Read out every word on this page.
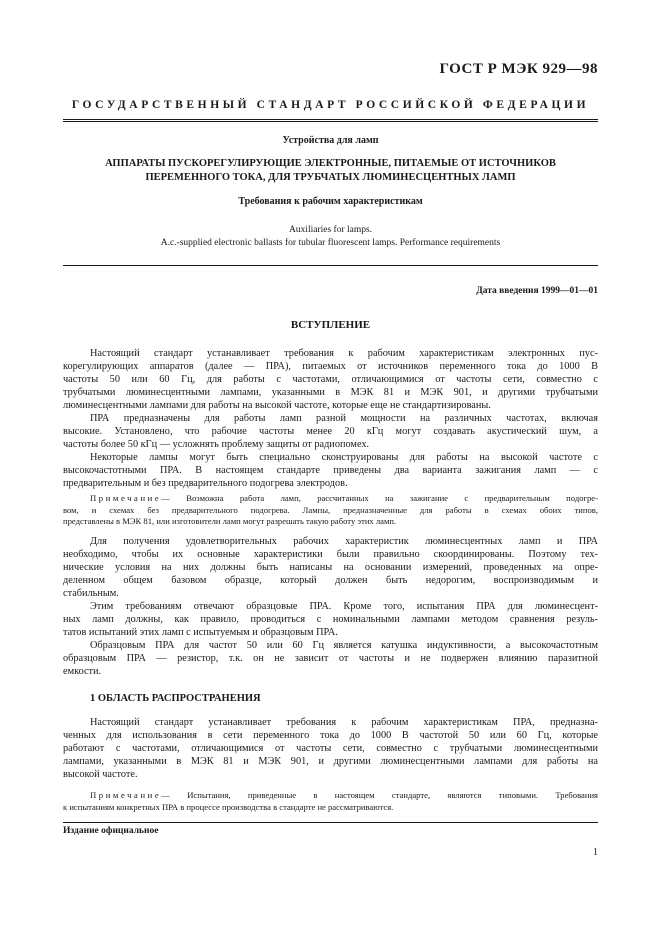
ГОСТ Р МЭК 929—98
ГОСУДАРСТВЕННЫЙ СТАНДАРТ РОССИЙСКОЙ ФЕДЕРАЦИИ
Устройства для ламп
АППАРАТЫ ПУСКОРЕГУЛИРУЮЩИЕ ЭЛЕКТРОННЫЕ, ПИТАЕМЫЕ ОТ ИСТОЧНИКОВ
ПЕРЕМЕННОГО ТОКА, ДЛЯ ТРУБЧАТЫХ ЛЮМИНЕСЦЕНТНЫХ ЛАМП
Требования к рабочим характеристикам
Auxiliaries for lamps.
A.c.-supplied electronic ballasts for tubular fluorescent lamps. Performance requirements
Дата введения 1999—01—01
ВСТУПЛЕНИЕ
Настоящий стандарт устанавливает требования к рабочим характеристикам электронных пус-
корегулирующих аппаратов (далее — ПРА), питаемых от источников переменного тока до 1000 В
частоты 50 или 60 Гц, для работы с частотами, отличающимися от частоты сети, совместно с
трубчатыми люминесцентными лампами, указанными в МЭК 81 и МЭК 901, и другими трубчатыми
люминесцентными лампами для работы на высокой частоте, которые еще не стандартизированы.
ПРА предназначены для работы ламп разной мощности на различных частотах, включая
высокие. Установлено, что рабочие частоты менее 20 кГц могут создавать акустический шум, а
частоты более 50 кГц — усложнять проблему защиты от радиопомех.
Некоторые лампы могут быть специально сконструированы для работы на высокой частоте с
высокочастотными ПРА. В настоящем стандарте приведены два варианта зажигания ламп — с
предварительным и без предварительного подогрева электродов.
Примечание— Возможна работа ламп, рассчитанных на зажигание с предварительным подогре-
вом, и схемах без предварительного подогрева. Лампы, предназначенные для работы в схемах обоих типов,
представлены в МЭК 81, или изготовители ламп могут разрешать такую работу этих ламп.
Для получения удовлетворительных рабочих характеристик люминесцентных ламп и ПРА
необходимо, чтобы их основные характеристики были правильно скоординированы. Поэтому тех-
нические условия на них должны быть написаны на основании измерений, проведенных на опре-
деленном общем базовом образце, который должен быть недорогим, воспроизводимым и
стабильным.
Этим требованиям отвечают образцовые ПРА. Кроме того, испытания ПРА для люминесцент-
ных ламп должны, как правило, проводиться с номинальными лампами методом сравнения резуль-
татов испытаний этих ламп с испытуемым и образцовым ПРА.
Образцовым ПРА для частот 50 или 60 Гц является катушка индуктивности, а высокочастотным
образцовым ПРА — резистор, т.к. он не зависит от частоты и не подвержен влиянию паразитной
емкости.
1 ОБЛАСТЬ РАСПРОСТРАНЕНИЯ
Настоящий стандарт устанавливает требования к рабочим характеристикам ПРА, предназна-
ченных для использования в сети переменного тока до 1000 В частотой 50 или 60 Гц, которые
работают с частотами, отличающимися от частоты сети, совместно с трубчатыми люминесцентными
лампами, указанными в МЭК 81 и МЭК 901, и другими люминесцентными лампами для работы на
высокой частоте.
Примечание— Испытания, приведенные в настоящем стандарте, являются типовыми. Требования
к испытаниям конкретных ПРА в процессе производства в стандарте не рассматриваются.
Издание официальное
1
